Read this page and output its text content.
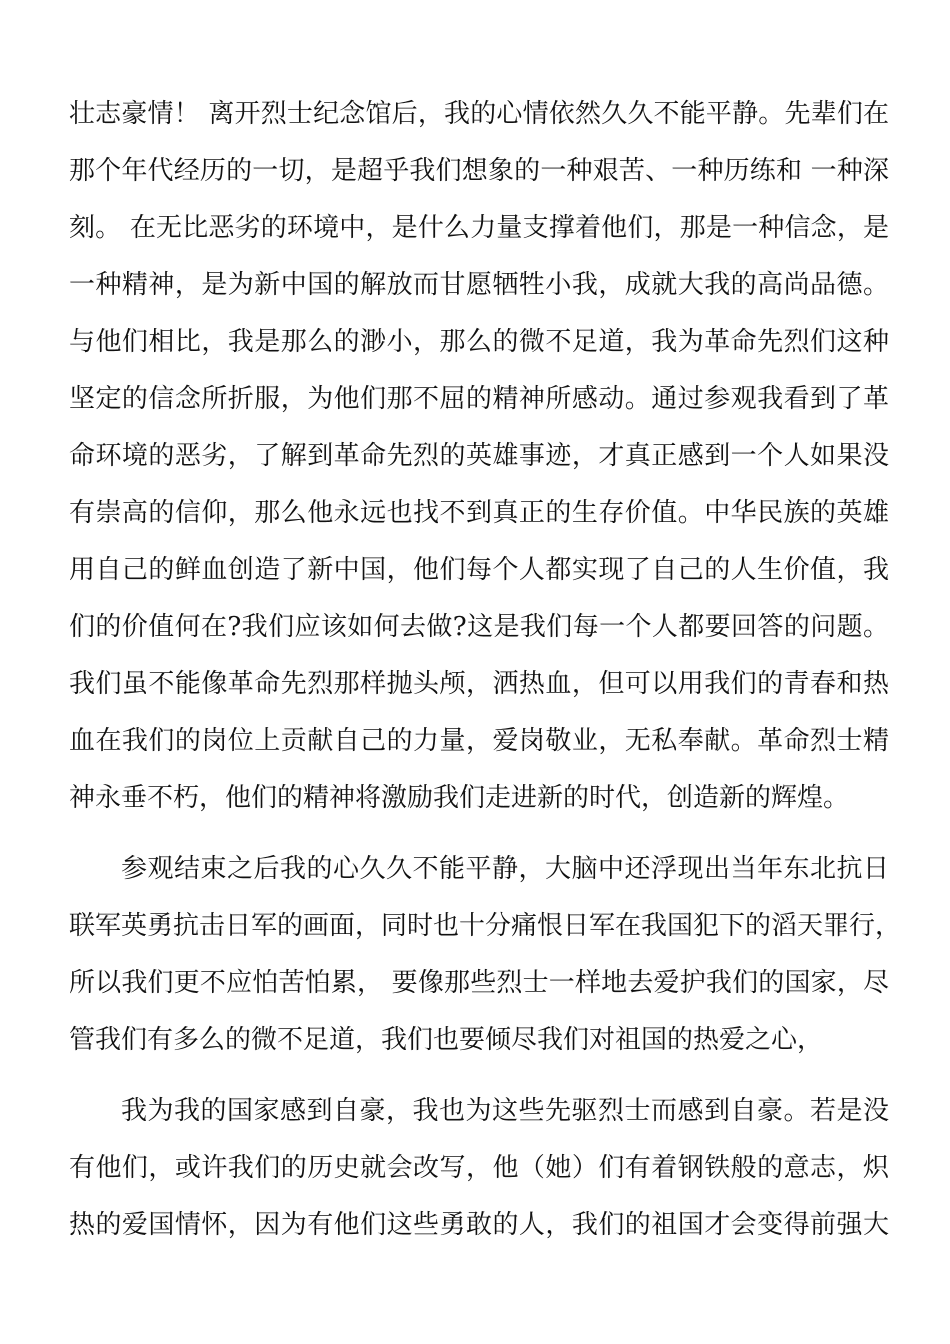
壮志豪情！ 离开烈士纪念馆后，我的心情依然久久不能平静。先辈们在
那个年代经历的一切，是超乎我们想象的一种艰苦、一种历练和 一种深
刻。 在无比恶劣的环境中，是什么力量支撑着他们，那是一种信念，是
一种精神，是为新中国的解放而甘愿牺牲小我，成就大我的高尚品德。
与他们相比，我是那么的渺小，那么的微不足道，我为革命先烈们这种
坚定的信念所折服，为他们那不屈的精神所感动。通过参观我看到了革
命环境的恶劣，了解到革命先烈的英雄事迹，才真正感到一个人如果没
有崇高的信仰，那么他永远也找不到真正的生存价值。中华民族的英雄
用自己的鲜血创造了新中国，他们每个人都实现了自己的人生价值，我
们的价值何在?我们应该如何去做?这是我们每一个人都要回答的问题。
我们虽不能像革命先烈那样抛头颅，洒热血，但可以用我们的青春和热
血在我们的岗位上贡献自己的力量，爱岗敬业，无私奉献。革命烈士精
神永垂不朽，他们的精神将激励我们走进新的时代，创造新的辉煌。
参观结束之后我的心久久不能平静，大脑中还浮现出当年东北抗日
联军英勇抗击日军的画面，同时也十分痛恨日军在我国犯下的滔天罪行，
所以我们更不应怕苦怕累， 要像那些烈士一样地去爱护我们的国家，尽
管我们有多么的微不足道，我们也要倾尽我们对祖国的热爱之心，
我为我的国家感到自豪，我也为这些先驱烈士而感到自豪。若是没
有他们，或许我们的历史就会改写，他（她）们有着钢铁般的意志，炽
热的爱国情怀，因为有他们这些勇敢的人，我们的祖国才会变得前强大
